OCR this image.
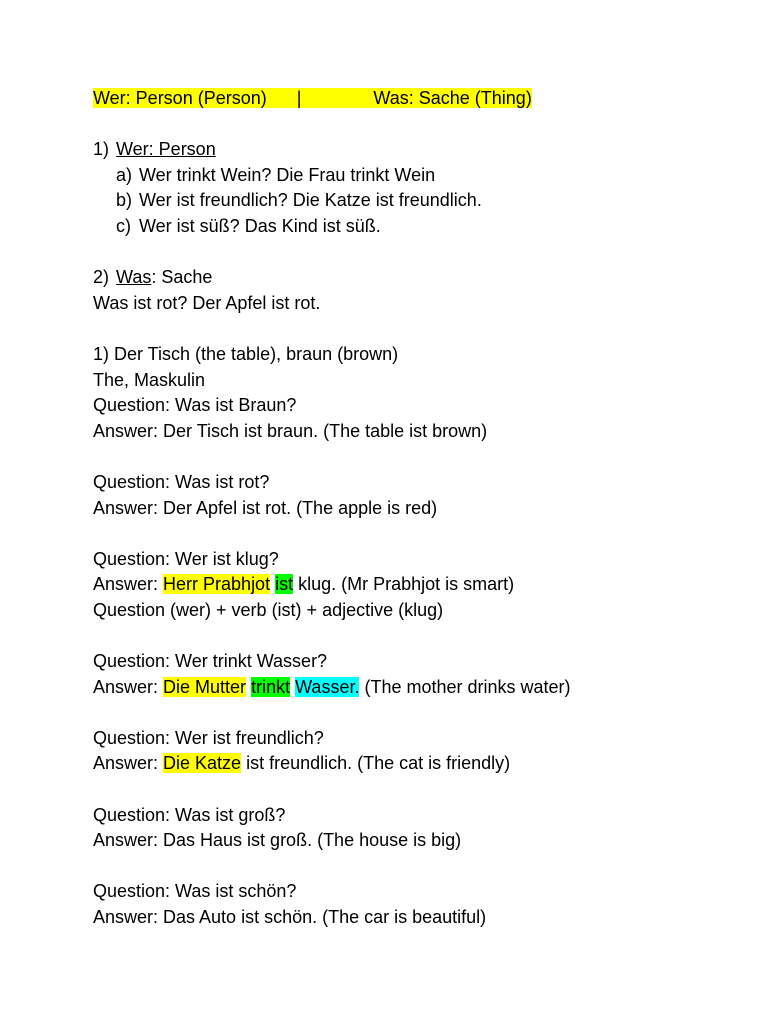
Wer: Person (Person) |	Was: Sache (Thing)
1) Wer: Person
a) Wer trinkt Wein? Die Frau trinkt Wein
b) Wer ist freundlich? Die Katze ist freundlich.
c) Wer ist süß? Das Kind ist süß.
2) Was: Sache
Was ist rot? Der Apfel ist rot.
1) Der Tisch (the table), braun (brown)
The, Maskulin
Question: Was ist Braun?
Answer: Der Tisch ist braun. (The table ist brown)
Question: Was ist rot?
Answer: Der Apfel ist rot. (The apple is red)
Question: Wer ist klug?
Answer: Herr Prabhjot ist klug. (Mr Prabhjot is smart)
Question (wer) + verb (ist) + adjective (klug)
Question: Wer trinkt Wasser?
Answer: Die Mutter trinkt Wasser. (The mother drinks water)
Question: Wer ist freundlich?
Answer: Die Katze ist freundlich. (The cat is friendly)
Question: Was ist groß?
Answer: Das Haus ist groß. (The house is big)
Question: Was ist schön?
Answer: Das Auto ist schön. (The car is beautiful)
